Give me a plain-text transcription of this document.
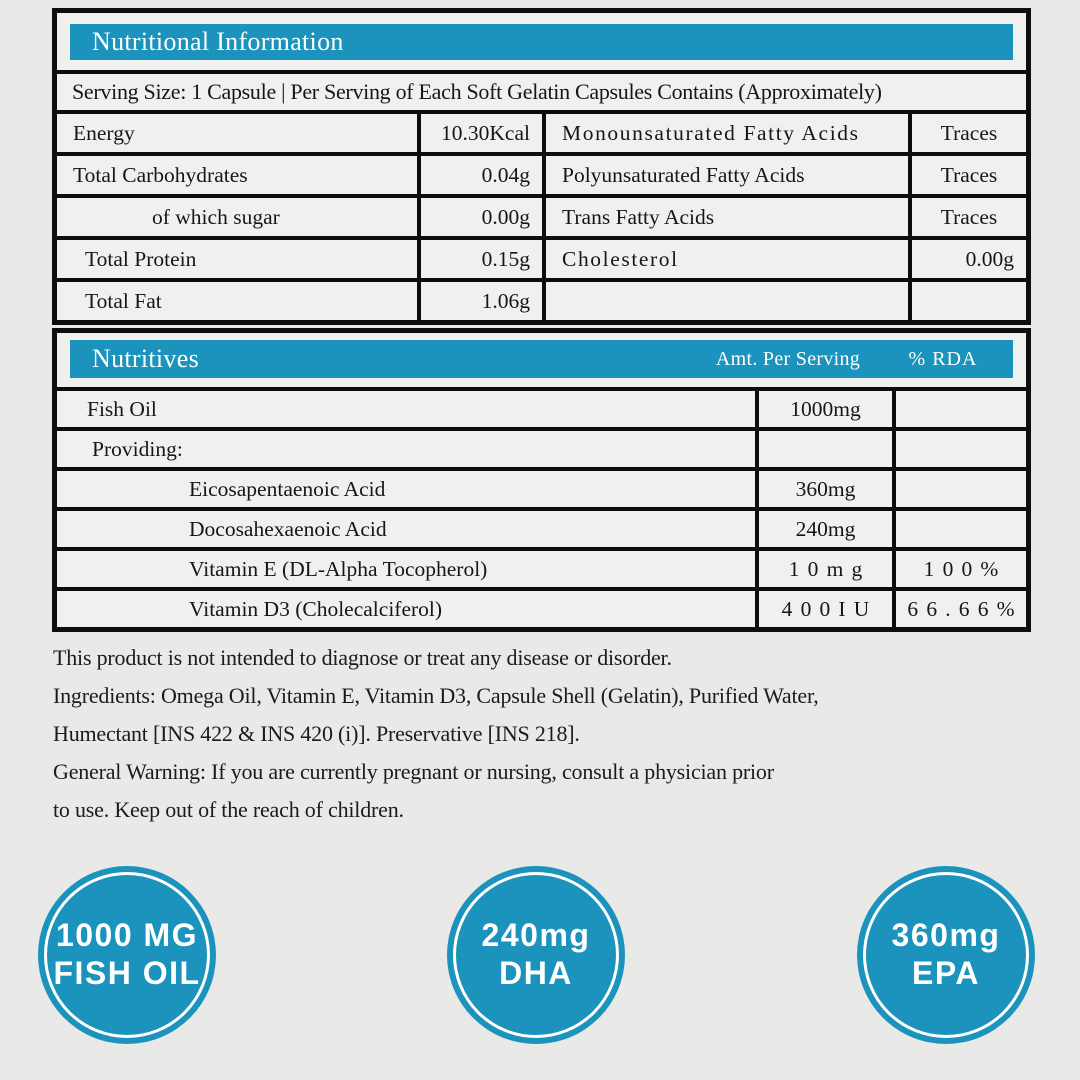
Nutritional Information
Serving Size: 1 Capsule | Per Serving of Each Soft Gelatin Capsules Contains (Approximately)
Energy	10.30Kcal	Monounsaturated Fatty Acids	Traces
Total Carbohydrates	0.04g	Polyunsaturated Fatty Acids	Traces
of which sugar	0.00g	Trans Fatty Acids	Traces
Total Protein	0.15g	Cholesterol	0.00g
Total Fat	1.06g
Nutritives	Amt. Per Serving	% RDA
Fish Oil	1000mg
Providing:
Eicosapentaenoic Acid	360mg
Docosahexaenoic Acid	240mg
Vitamin E (DL-Alpha Tocopherol)	10mg	100%
Vitamin D3 (Cholecalciferol)	400IU	66.66%
This product is not intended to diagnose or treat any disease or disorder.
Ingredients: Omega Oil, Vitamin E, Vitamin D3, Capsule Shell (Gelatin), Purified Water,
Humectant [INS 422 & INS 420 (i)]. Preservative [INS 218].
General Warning: If you are currently pregnant or nursing, consult a physician prior
to use. Keep out of the reach of children.
1000 MG
FISH OIL
240mg
DHA
360mg
EPA
